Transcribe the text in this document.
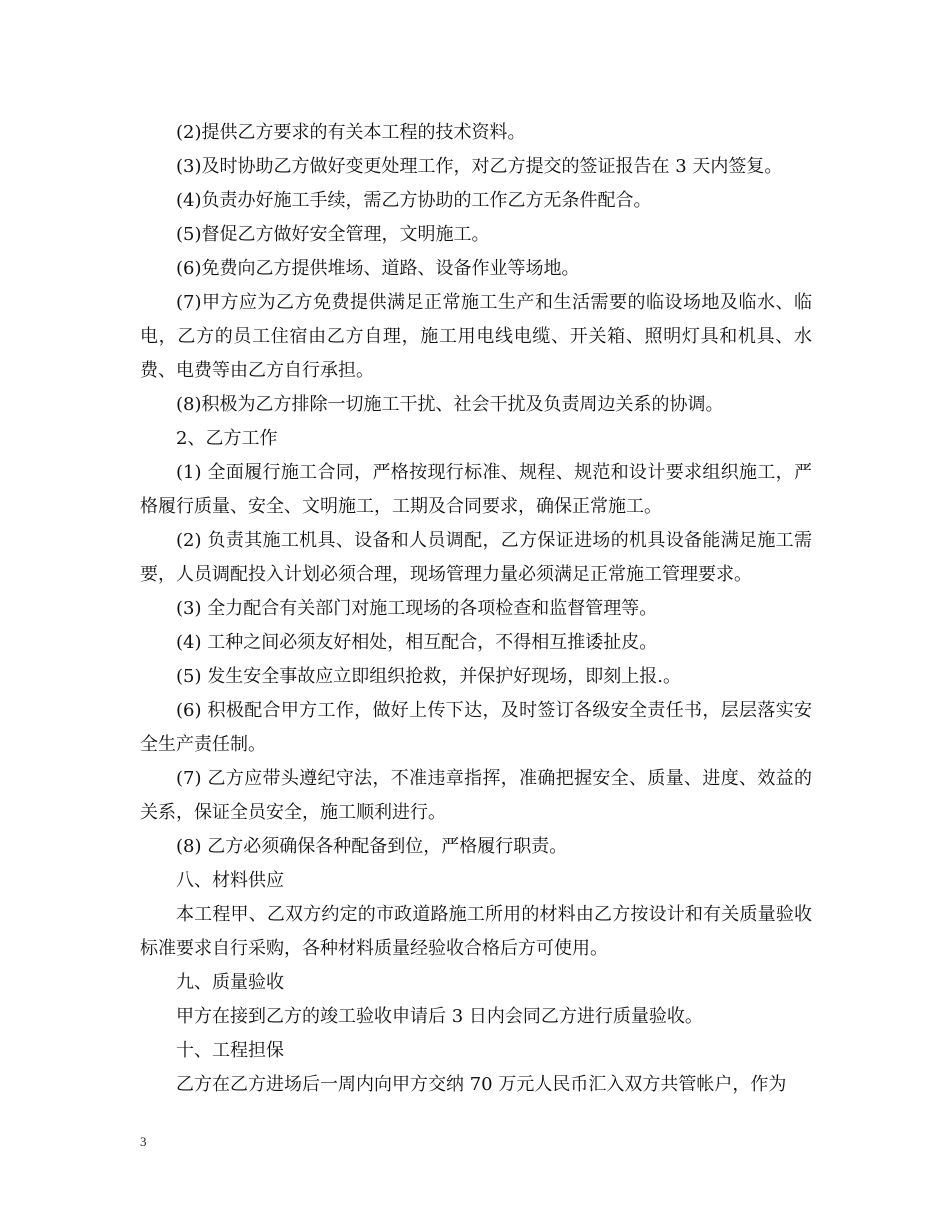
(2)提供乙方要求的有关本工程的技术资料。

(3)及时协助乙方做好变更处理工作，对乙方提交的签证报告在 3 天内签复。

(4)负责办好施工手续，需乙方协助的工作乙方无条件配合。

(5)督促乙方做好安全管理，文明施工。

(6)免费向乙方提供堆场、道路、设备作业等场地。

(7)甲方应为乙方免费提供满足正常施工生产和生活需要的临设场地及临水、临电，乙方的员工住宿由乙方自理，施工用电线电缆、开关箱、照明灯具和机具、水费、电费等由乙方自行承担。

(8)积极为乙方排除一切施工干扰、社会干扰及负责周边关系的协调。

2、乙方工作

(1) 全面履行施工合同，严格按现行标准、规程、规范和设计要求组织施工，严格履行质量、安全、文明施工，工期及合同要求，确保正常施工。

(2) 负责其施工机具、设备和人员调配，乙方保证进场的机具设备能满足施工需要，人员调配投入计划必须合理，现场管理力量必须满足正常施工管理要求。

(3) 全力配合有关部门对施工现场的各项检查和监督管理等。

(4) 工种之间必须友好相处，相互配合，不得相互推诿扯皮。

(5) 发生安全事故应立即组织抢救，并保护好现场，即刻上报.。

(6) 积极配合甲方工作，做好上传下达，及时签订各级安全责任书，层层落实安全生产责任制。

(7) 乙方应带头遵纪守法，不准违章指挥，准确把握安全、质量、进度、效益的关系，保证全员安全，施工顺利进行。

(8) 乙方必须确保各种配备到位，严格履行职责。

八、材料供应

本工程甲、乙双方约定的市政道路施工所用的材料由乙方按设计和有关质量验收标准要求自行采购，各种材料质量经验收合格后方可使用。

九、质量验收

甲方在接到乙方的竣工验收申请后 3 日内会同乙方进行质量验收。

十、工程担保

乙方在乙方进场后一周内向甲方交纳 70 万元人民币汇入双方共管帐户，作为

3
